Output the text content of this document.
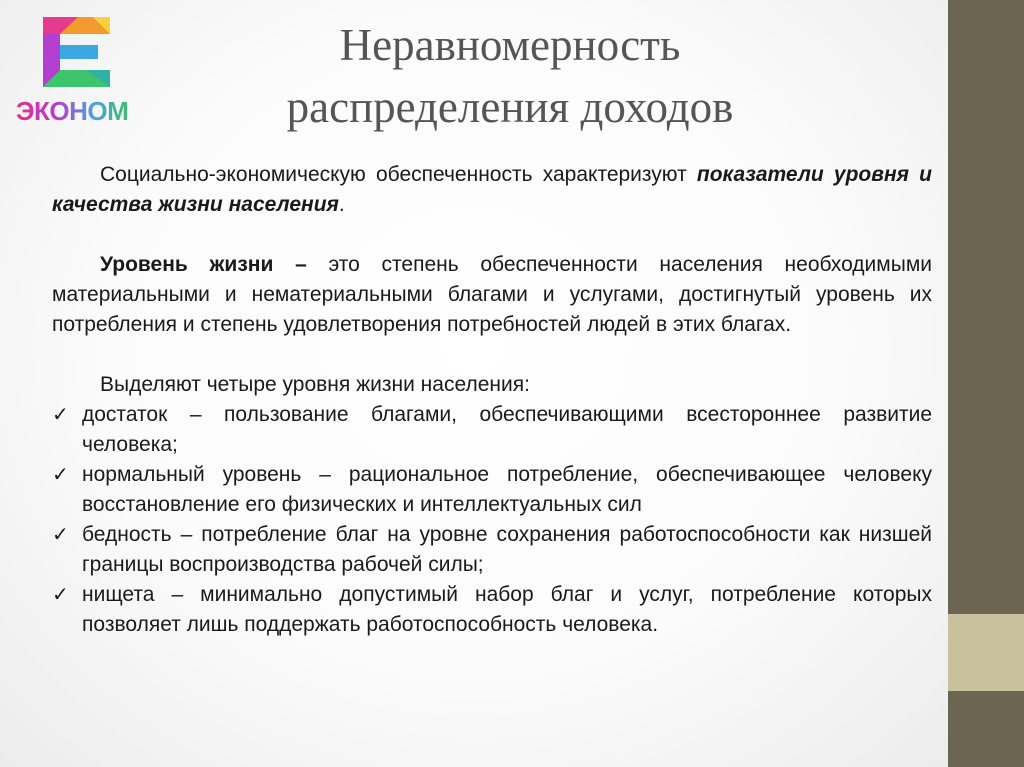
ЭКОНОМ
Неравномерность
распределения доходов

Социально-экономическую обеспеченность характеризуют показатели уровня и качества жизни населения.

Уровень жизни – это степень обеспеченности населения необходимыми материальными и нематериальными благами и услугами, достигнутый уровень их потребления и степень удовлетворения потребностей людей в этих благах.

Выделяют четыре уровня жизни населения:

✓ достаток – пользование благами, обеспечивающими всестороннее развитие человека;
✓ нормальный уровень – рациональное потребление, обеспечивающее человеку восстановление его физических и интеллектуальных сил
✓ бедность – потребление благ на уровне сохранения работоспособности как низшей границы воспроизводства рабочей силы;
✓ нищета – минимально допустимый набор благ и услуг, потребление которых позволяет лишь поддержать работоспособность человека.
